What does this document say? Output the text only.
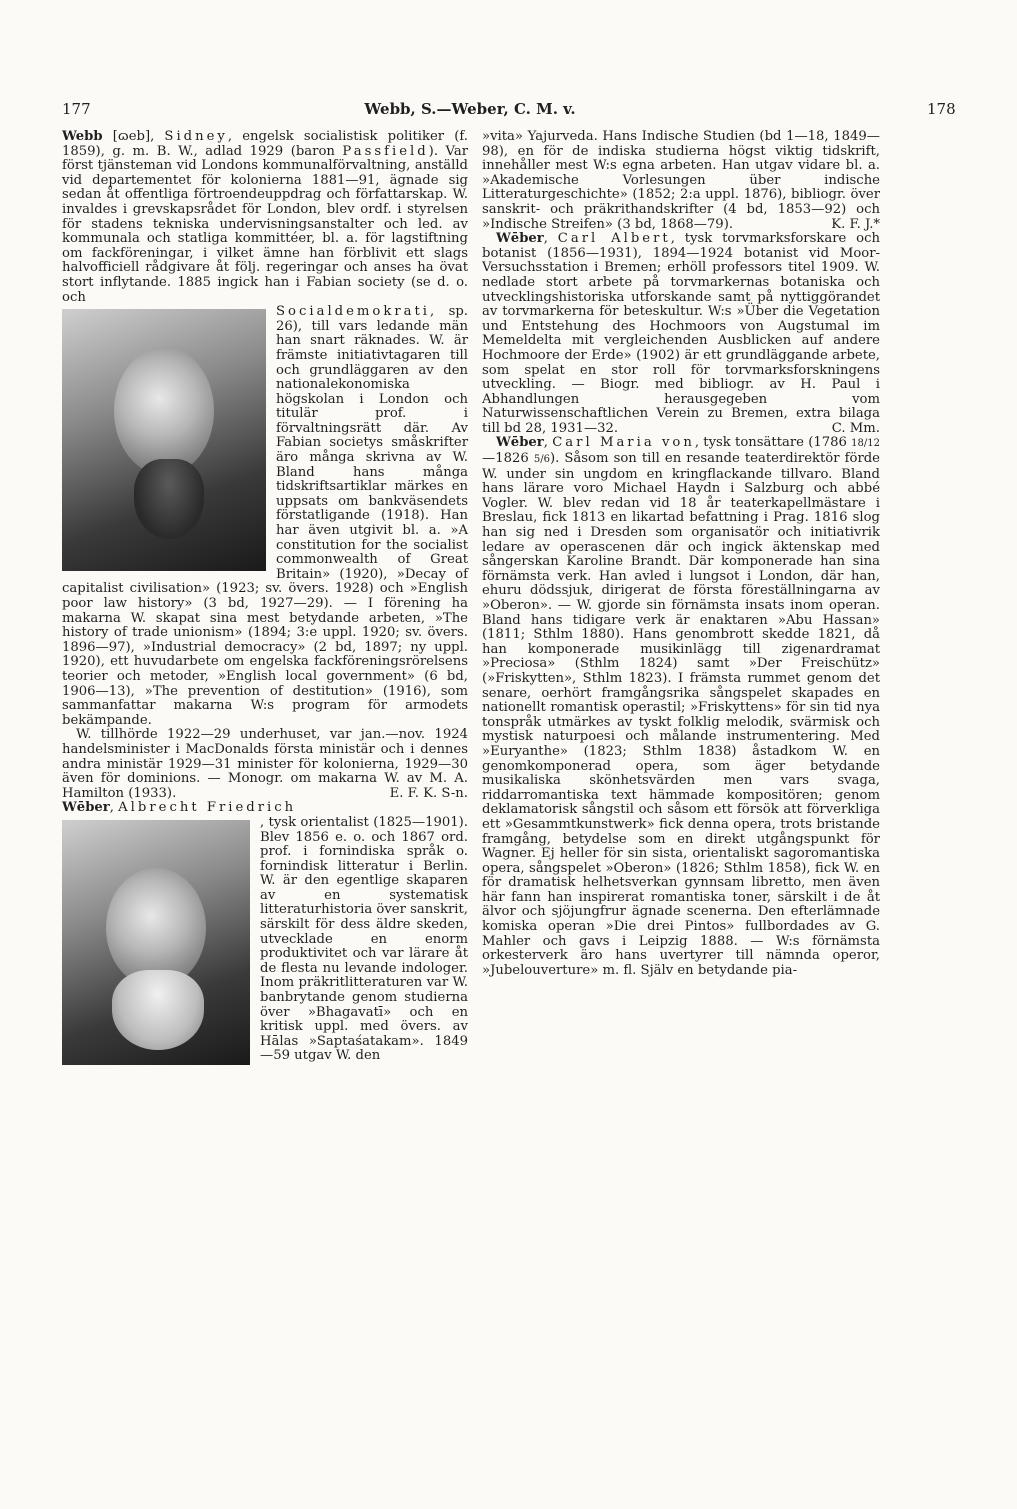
177	Webb, S.—Weber, C. M. v.	178

Webb [ɷeb], Sidney, engelsk socialistisk politiker (f. 1859), g. m. B. W., adlad 1929 (baron Passfield). Var först tjänsteman vid Londons kommunalförvaltning, anställd vid departementet för kolonierna 1881—91, ägnade sig sedan åt offentliga förtroendeuppdrag och författarskap. W. invaldes i grevskapsrådet för London, blev ordf. i styrelsen för stadens tekniska undervisningsanstalter och led. av kommunala och statliga kommittéer, bl. a. för lagstiftning om fackföreningar, i vilket ämne han förblivit ett slags halvofficiell rådgivare åt följ. regeringar och anses ha övat stort inflytande. 1885 ingick han i Fabian society (se d. o. och

Socialdemokrati, sp. 26), till vars ledande män han snart räknades. W. är främste initiativtagaren till och grundläggaren av den nationalekonomiska högskolan i London och titulär prof. i förvaltningsrätt där. Av Fabian societys småskrifter äro många skrivna av W. Bland hans många tidskriftsartiklar märkes en uppsats om bankväsendets förstatligande (1918). Han har även utgivit bl. a. »A constitution for the socialist commonwealth of Great Britain» (1920), »Decay of capitalist civilisation» (1923; sv. övers. 1928) och »English poor law history» (3 bd, 1927—29). — I förening ha makarna W. skapat sina mest betydande arbeten, »The history of trade unionism» (1894; 3:e uppl. 1920; sv. övers. 1896—97), »Industrial democracy» (2 bd, 1897; ny uppl. 1920), ett huvudarbete om engelska fackföreningsrörelsens teorier och metoder, »English local government» (6 bd, 1906—13), »The prevention of destitution» (1916), som sammanfattar makarna W:s program för armodets bekämpande.

W. tillhörde 1922—29 underhuset, var jan.—nov. 1924 handelsminister i MacDonalds första ministär och i dennes andra ministär 1929—31 minister för kolonierna, 1929—30 även för dominions. — Monogr. om makarna W. av M. A. Hamilton (1933).	E. F. K. S-n.

Wēber, Albrecht Friedrich

, tysk orientalist (1825—1901). Blev 1856 e. o. och 1867 ord. prof. i fornindiska språk o. fornindisk litteratur i Berlin. W. är den egentlige skaparen av en systematisk litteraturhistoria över sanskrit, särskilt för dess äldre skeden, utvecklade en enorm produktivitet och var lärare åt de flesta nu levande indologer. Inom präkritlitteraturen var W. banbrytande genom studierna över »Bhagavatī» och en kritisk uppl. med övers. av Hālas »Saptaśatakam». 1849—59 utgav W. den

»vita» Yajurveda. Hans Indische Studien (bd 1—18, 1849—98), en för de indiska studierna högst viktig tidskrift, innehåller mest W:s egna arbeten. Han utgav vidare bl. a. »Akademische Vorlesungen über indische Litteraturgeschichte» (1852; 2:a uppl. 1876), bibliogr. över sanskrit- och präkrithandskrifter (4 bd, 1853—92) och »Indische Streifen» (3 bd, 1868—79).	K. F. J.*

Wēber, Carl Albert, tysk torvmarksforskare och botanist (1856—1931), 1894—1924 botanist vid Moor-Versuchsstation i Bremen; erhöll professors titel 1909. W. nedlade stort arbete på torvmarkernas botaniska och utvecklingshistoriska utforskande samt på nyttiggörandet av torvmarkerna för beteskultur. W:s »Über die Vegetation und Entstehung des Hochmoors von Augstumal im Memeldelta mit vergleichenden Ausblicken auf andere Hochmoore der Erde» (1902) är ett grundläggande arbete, som spelat en stor roll för torvmarksforskningens utveckling. — Biogr. med bibliogr. av H. Paul i Abhandlungen herausgegeben vom Naturwissenschaftlichen Verein zu Bremen, extra bilaga till bd 28, 1931—32.	C. Mm.

Wēber, Carl Maria von, tysk tonsättare (1786 18/12—1826 5/6). Såsom son till en resande teaterdirektör förde W. under sin ungdom en kringflackande tillvaro. Bland hans lärare voro Michael Haydn i Salzburg och abbé Vogler. W. blev redan vid 18 år teaterkapellmästare i Breslau, fick 1813 en likartad befattning i Prag. 1816 slog han sig ned i Dresden som organisatör och initiativrik ledare av operascenen där och ingick äktenskap med sångerskan Karoline Brandt. Där komponerade han sina förnämsta verk. Han avled i lungsot i London, där han, ehuru dödssjuk, dirigerat de första föreställningarna av »Oberon». — W. gjorde sin förnämsta insats inom operan. Bland hans tidigare verk är enaktaren »Abu Hassan» (1811; Sthlm 1880). Hans genombrott skedde 1821, då han komponerade musikinlägg till zigenardramat »Preciosa» (Sthlm 1824) samt »Der Freischütz» (»Friskytten», Sthlm 1823). I främsta rummet genom det senare, oerhört framgångsrika sångspelet skapades en nationellt romantisk operastil; »Friskyttens» för sin tid nya tonspråk utmärkes av tyskt folklig melodik, svärmisk och mystisk naturpoesi och målande instrumentering. Med »Euryanthe» (1823; Sthlm 1838) åstadkom W. en genomkomponerad opera, som äger betydande musikaliska skönhetsvärden men vars svaga, riddarromantiska text hämmade kompositören; genom deklamatorisk sångstil och såsom ett försök att förverkliga ett »Gesammtkunstwerk» fick denna opera, trots bristande framgång, betydelse som en direkt utgångspunkt för Wagner. Ej heller för sin sista, orientaliskt sagoromantiska opera, sångspelet »Oberon» (1826; Sthlm 1858), fick W. en för dramatisk helhetsverkan gynnsam libretto, men även här fann han inspirerat romantiska toner, särskilt i de åt älvor och sjöjungfrur ägnade scenerna. Den efterlämnade komiska operan »Die drei Pintos» fullbordades av G. Mahler och gavs i Leipzig 1888. — W:s förnämsta orkesterverk äro hans uvertyrer till nämnda operor, »Jubelouverture» m. fl. Själv en betydande pia-
